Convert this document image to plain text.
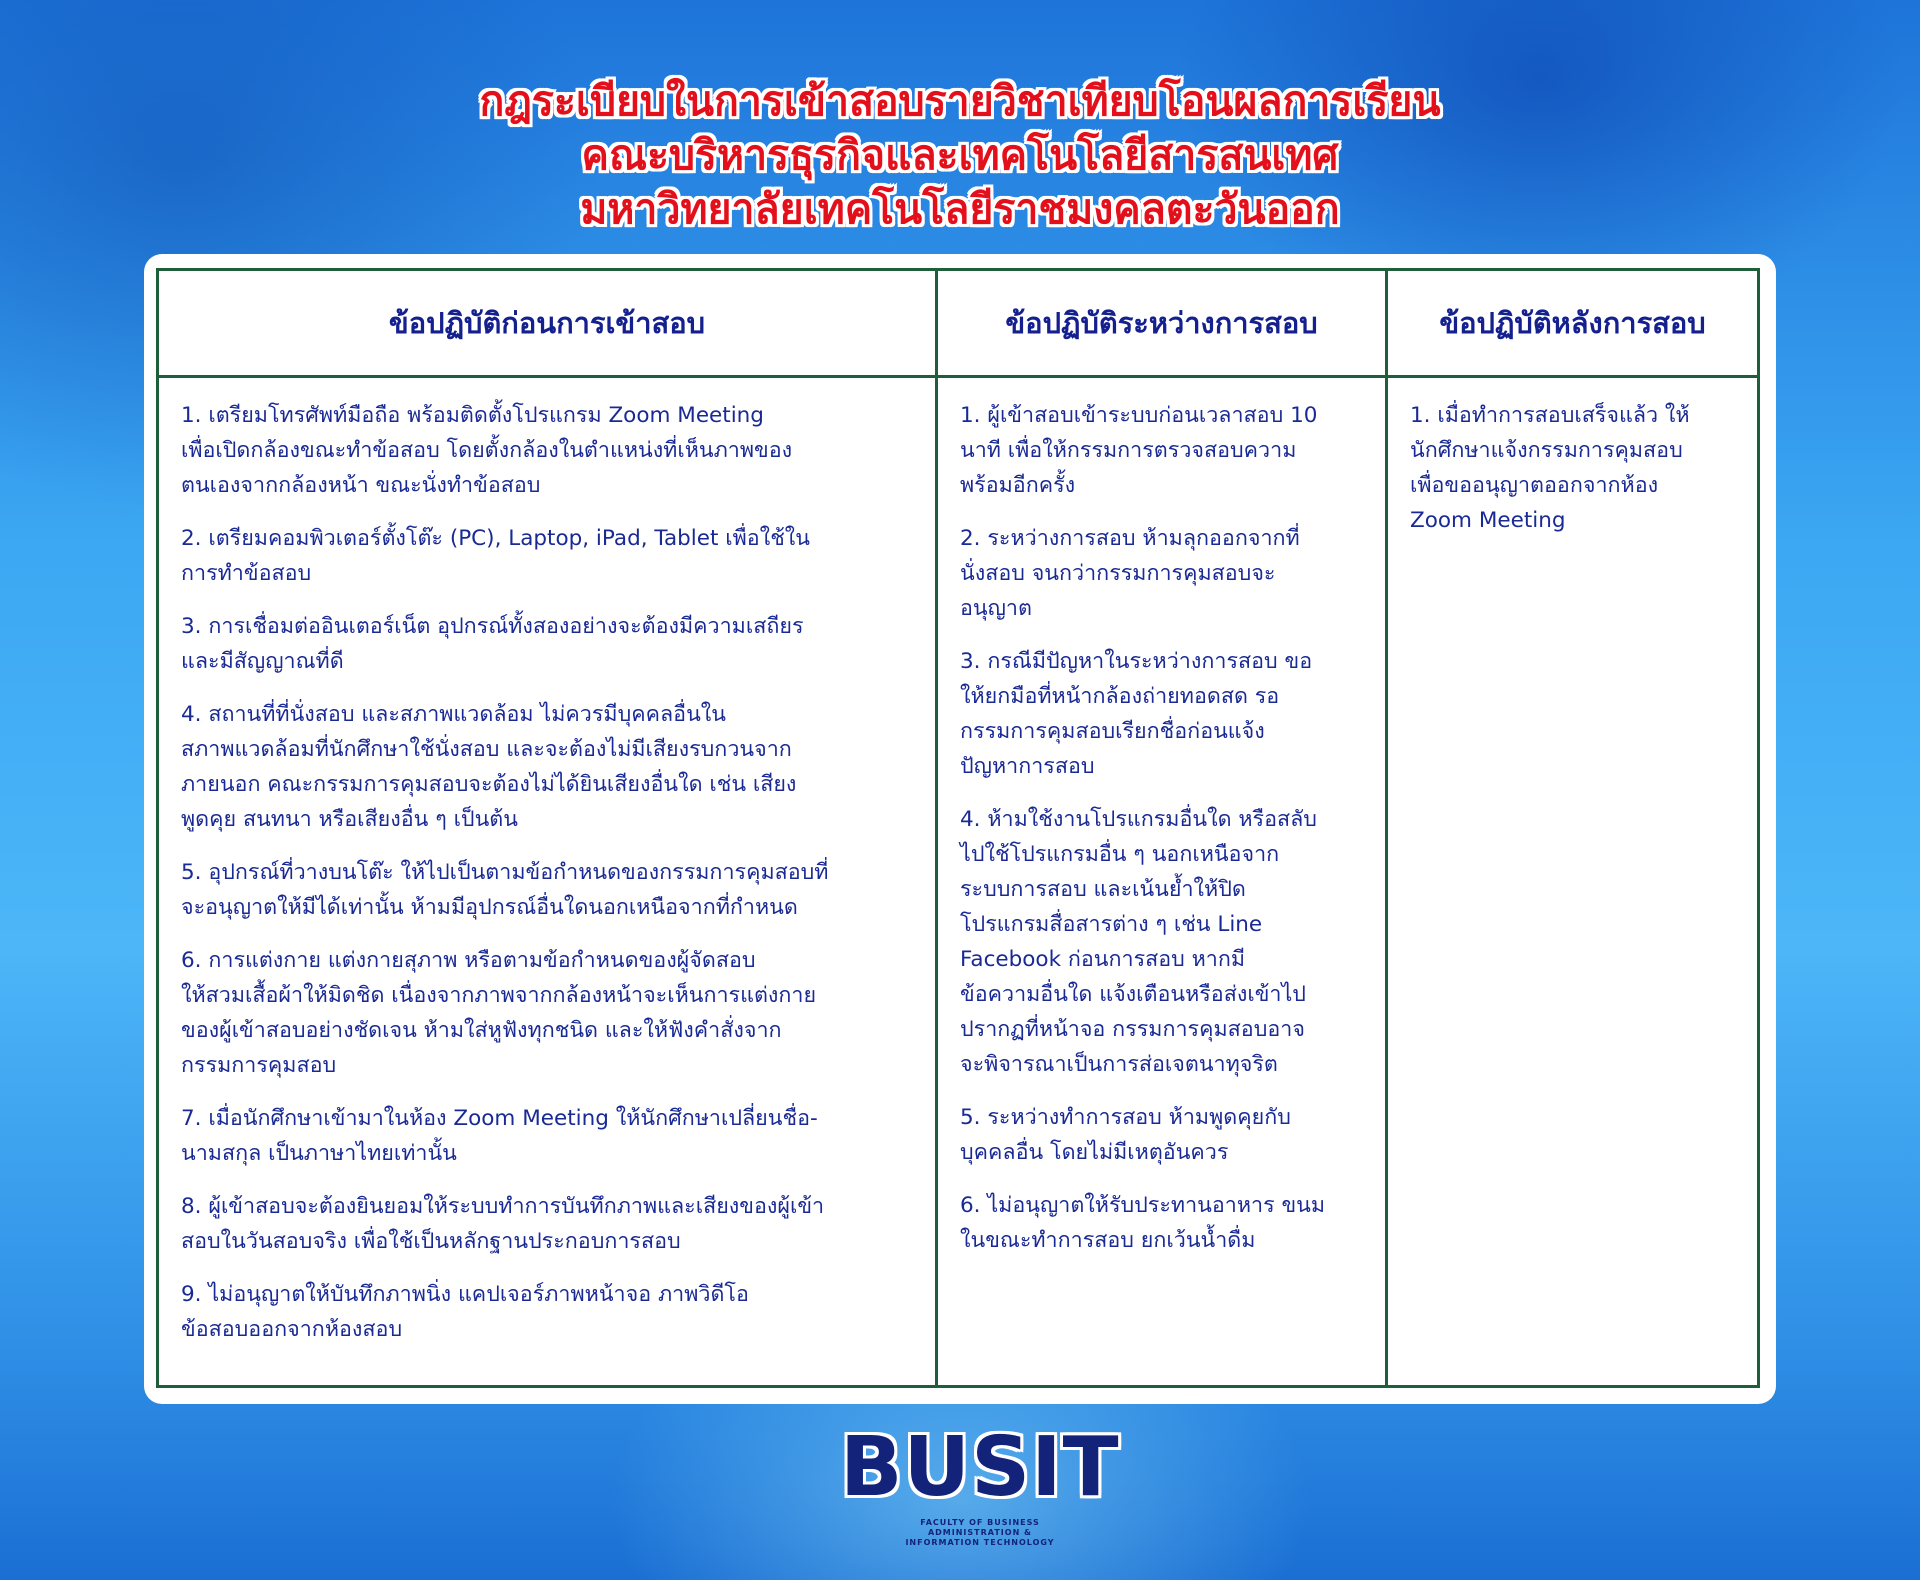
กฎระเบียบในการเข้าสอบรายวิชาเทียบโอนผลการเรียน
คณะบริหารธุรกิจและเทคโนโลยีสารสนเทศ
มหาวิทยาลัยเทคโนโลยีราชมงคลตะวันออก
ข้อปฏิบัติก่อนการเข้าสอบ	ข้อปฏิบัติระหว่างการสอบ	ข้อปฏิบัติหลังการสอบ

1. เตรียมโทรศัพท์มือถือ พร้อมติดตั้งโปรแกรม Zoom Meeting
เพื่อเปิดกล้องขณะทำข้อสอบ โดยตั้งกล้องในตำแหน่งที่เห็นภาพของ
ตนเองจากกล้องหน้า ขณะนั่งทำข้อสอบ

2. เตรียมคอมพิวเตอร์ตั้งโต๊ะ (PC), Laptop, iPad, Tablet เพื่อใช้ใน
การทำข้อสอบ

3. การเชื่อมต่ออินเตอร์เน็ต อุปกรณ์ทั้งสองอย่างจะต้องมีความเสถียร
และมีสัญญาณที่ดี

4. สถานที่ที่นั่งสอบ และสภาพแวดล้อม ไม่ควรมีบุคคลอื่นใน
สภาพแวดล้อมที่นักศึกษาใช้นั่งสอบ และจะต้องไม่มีเสียงรบกวนจาก
ภายนอก คณะกรรมการคุมสอบจะต้องไม่ได้ยินเสียงอื่นใด เช่น เสียง
พูดคุย สนทนา หรือเสียงอื่น ๆ เป็นต้น

5. อุปกรณ์ที่วางบนโต๊ะ ให้ไปเป็นตามข้อกำหนดของกรรมการคุมสอบที่
จะอนุญาตให้มีได้เท่านั้น ห้ามมีอุปกรณ์อื่นใดนอกเหนือจากที่กำหนด

6. การแต่งกาย แต่งกายสุภาพ หรือตามข้อกำหนดของผู้จัดสอบ
ให้สวมเสื้อผ้าให้มิดชิด เนื่องจากภาพจากกล้องหน้าจะเห็นการแต่งกาย
ของผู้เข้าสอบอย่างชัดเจน ห้ามใส่หูฟังทุกชนิด และให้ฟังคำสั่งจาก
กรรมการคุมสอบ

7. เมื่อนักศึกษาเข้ามาในห้อง Zoom Meeting ให้นักศึกษาเปลี่ยนชื่อ-
นามสกุล เป็นภาษาไทยเท่านั้น

8. ผู้เข้าสอบจะต้องยินยอมให้ระบบทำการบันทึกภาพและเสียงของผู้เข้า
สอบในวันสอบจริง เพื่อใช้เป็นหลักฐานประกอบการสอบ

9. ไม่อนุญาตให้บันทึกภาพนิ่ง แคปเจอร์ภาพหน้าจอ ภาพวิดีโอ
ข้อสอบออกจากห้องสอบ

1. ผู้เข้าสอบเข้าระบบก่อนเวลาสอบ 10
นาที เพื่อให้กรรมการตรวจสอบความ
พร้อมอีกครั้ง

2. ระหว่างการสอบ ห้ามลุกออกจากที่
นั่งสอบ จนกว่ากรรมการคุมสอบจะ
อนุญาต

3. กรณีมีปัญหาในระหว่างการสอบ ขอ
ให้ยกมือที่หน้ากล้องถ่ายทอดสด รอ
กรรมการคุมสอบเรียกชื่อก่อนแจ้ง
ปัญหาการสอบ

4. ห้ามใช้งานโปรแกรมอื่นใด หรือสลับ
ไปใช้โปรแกรมอื่น ๆ นอกเหนือจาก
ระบบการสอบ และเน้นย้ำให้ปิด
โปรแกรมสื่อสารต่าง ๆ เช่น Line
Facebook ก่อนการสอบ หากมี
ข้อความอื่นใด แจ้งเตือนหรือส่งเข้าไป
ปรากฏที่หน้าจอ กรรมการคุมสอบอาจ
จะพิจารณาเป็นการส่อเจตนาทุจริต

5. ระหว่างทำการสอบ ห้ามพูดคุยกับ
บุคคลอื่น โดยไม่มีเหตุอันควร

6. ไม่อนุญาตให้รับประทานอาหาร ขนม
ในขณะทำการสอบ ยกเว้นน้ำดื่ม

1. เมื่อทำการสอบเสร็จแล้ว ให้
นักศึกษาแจ้งกรรมการคุมสอบ
เพื่อขออนุญาตออกจากห้อง
Zoom Meeting

BUSIT
FACULTY OF BUSINESS ADMINISTRATION &
INFORMATION TECHNOLOGY
